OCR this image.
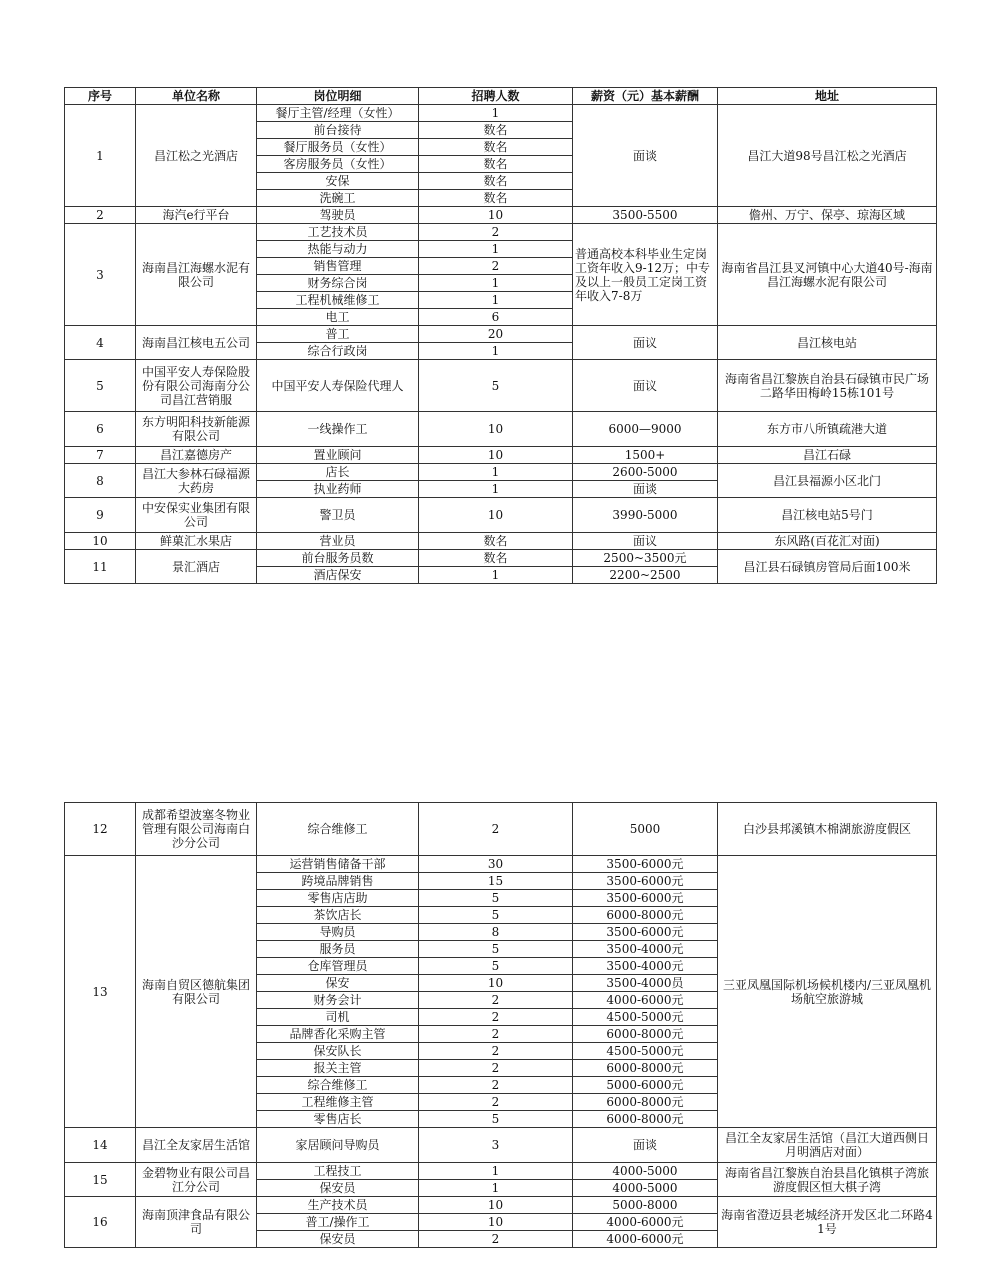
序号	单位名称	岗位明细	招聘人数	薪资（元）基本薪酬	地址
1	昌江松之光酒店	餐厅主管/经理（女性）	1	面谈	昌江大道98号昌江松之光酒店
		前台接待	数名		
		餐厅服务员（女性）	数名		
		客房服务员（女性）	数名		
		安保	数名		
		洗碗工	数名		
2	海汽e行平台	驾驶员	10	3500-5500	儋州、万宁、保亭、琼海区域
3	海南昌江海螺水泥有限公司	工艺技术员	2	普通高校本科毕业生定岗工资年收入9-12万；中专及以上一般员工定岗工资年收入7-8万	海南省昌江县叉河镇中心大道40号-海南昌江海螺水泥有限公司
		热能与动力	1		
		销售管理	2		
		财务综合岗	1		
		工程机械维修工	1		
		电工	6		
4	海南昌江核电五公司	普工	20	面议	昌江核电站
		综合行政岗	1		
5	中国平安人寿保险股份有限公司海南分公司昌江营销服	中国平安人寿保险代理人	5	面议	海南省昌江黎族自治县石碌镇市民广场二路华田梅岭15栋101号
6	东方明阳科技新能源有限公司	一线操作工	10	6000—9000	东方市八所镇疏港大道
7	昌江嘉德房产	置业顾问	10	1500+	昌江石碌
8	昌江大参林石碌福源大药房	店长	1	2600-5000	昌江县福源小区北门
		执业药师	1	面谈	
9	中安保实业集团有限公司	警卫员	10	3990-5000	昌江核电站5号门
10	鲜菓汇水果店	营业员	数名	面议	东风路(百花汇对面)
11	景汇酒店	前台服务员数	数名	2500~3500元	昌江县石碌镇房管局后面100米
		酒店保安	1	2200~2500	
12	成都希望波塞冬物业管理有限公司海南白沙分公司	综合维修工	2	5000	白沙县邦溪镇木棉湖旅游度假区
13	海南自贸区德航集团有限公司	运营销售储备干部	30	3500-6000元	三亚凤凰国际机场候机楼内/三亚凤凰机场航空旅游城
		跨境品牌销售	15	3500-6000元	
		零售店店助	5	3500-6000元	
		茶饮店长	5	6000-8000元	
		导购员	8	3500-6000元	
		服务员	5	3500-4000元	
		仓库管理员	5	3500-4000元	
		保安	10	3500-4000员	
		财务会计	2	4000-6000元	
		司机	2	4500-5000元	
		品牌香化采购主管	2	6000-8000元	
		保安队长	2	4500-5000元	
		报关主管	2	6000-8000元	
		综合维修工	2	5000-6000元	
		工程维修主管	2	6000-8000元	
		零售店长	5	6000-8000元	
14	昌江全友家居生活馆	家居顾问导购员	3	面谈	昌江全友家居生活馆（昌江大道西侧日月明酒店对面）
15	金碧物业有限公司昌江分公司	工程技工	1	4000-5000	海南省昌江黎族自治县昌化镇棋子湾旅游度假区恒大棋子湾
		保安员	1	4000-5000	
16	海南顶津食品有限公司	生产技术员	10	5000-8000	海南省澄迈县老城经济开发区北二环路41号
		普工/操作工	10	4000-6000元	
		保安员	2	4000-6000元	
